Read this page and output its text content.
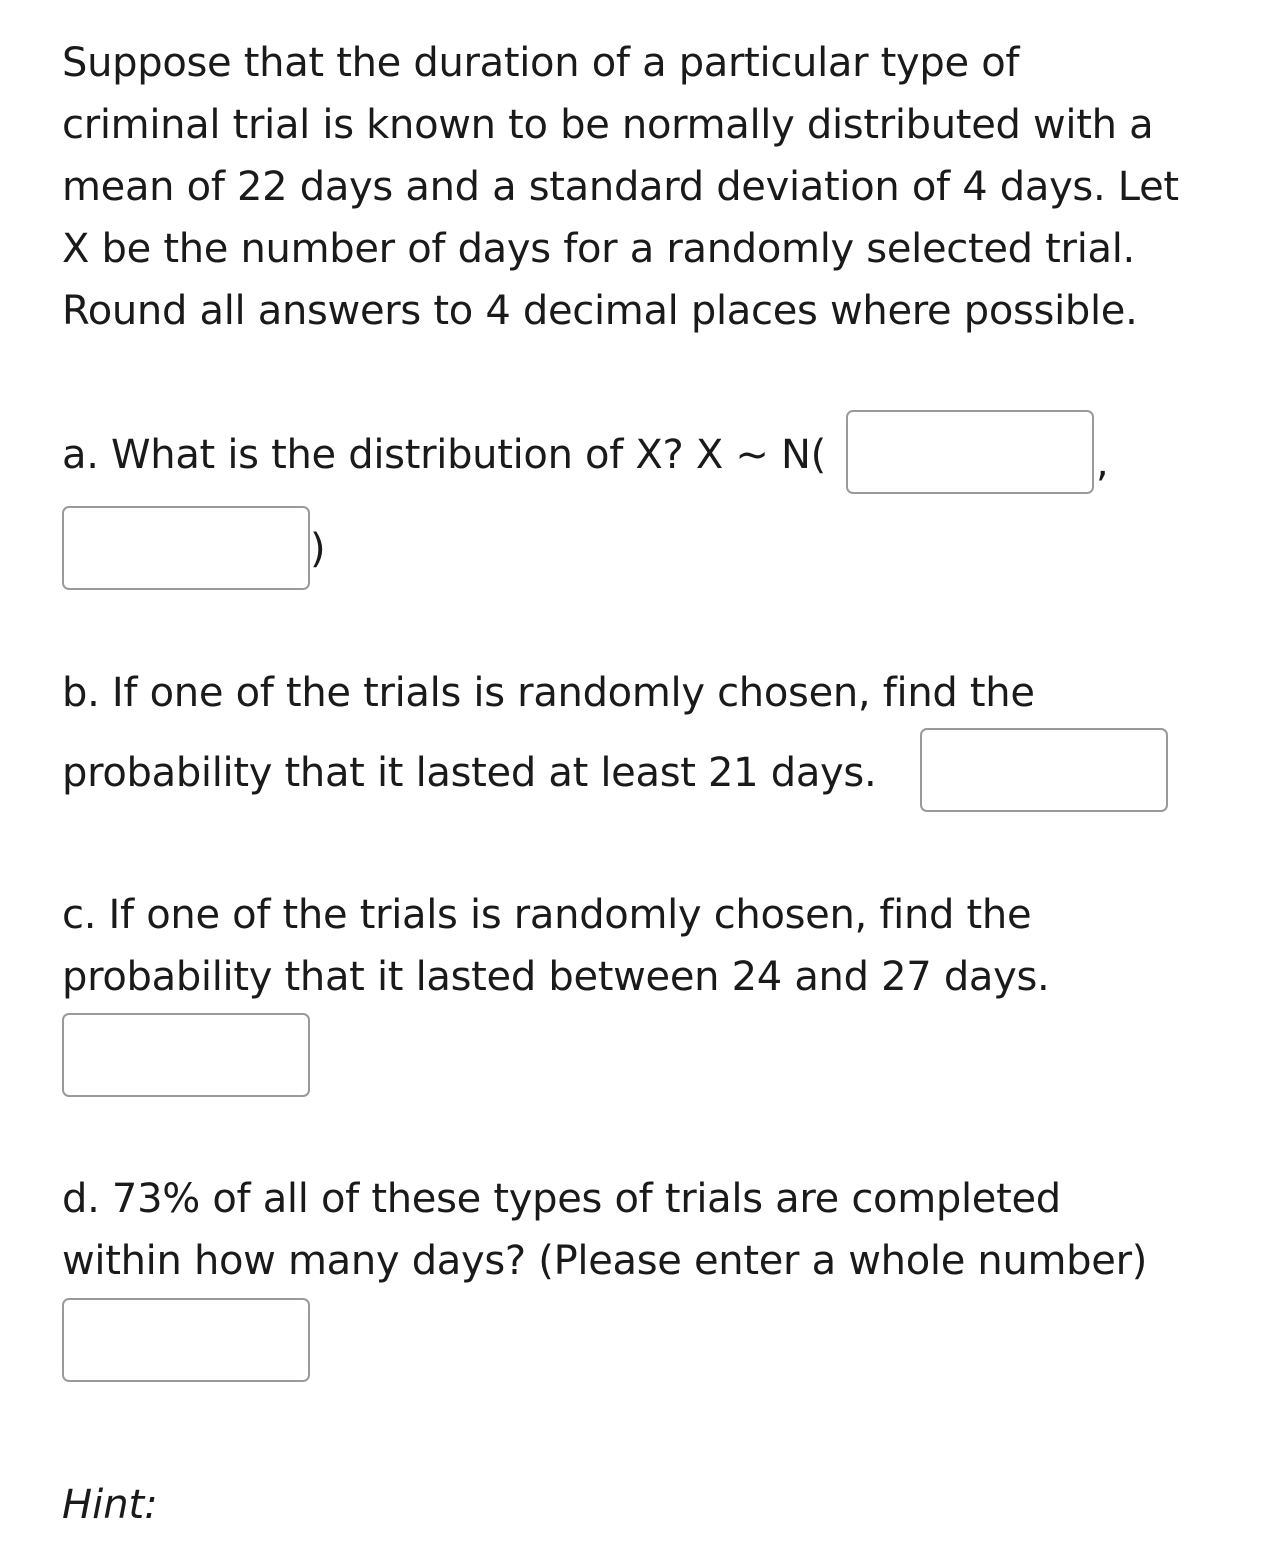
Suppose that the duration of a particular type of
criminal trial is known to be normally distributed with a
mean of 22 days and a standard deviation of 4 days. Let
X be the number of days for a randomly selected trial.
Round all answers to 4 decimal places where possible.
a. What is the distribution of X? X ~ N(	,
)
b. If one of the trials is randomly chosen, find the
probability that it lasted at least 21 days.
c. If one of the trials is randomly chosen, find the
probability that it lasted between 24 and 27 days.
d. 73% of all of these types of trials are completed
within how many days? (Please enter a whole number)
Hint:
